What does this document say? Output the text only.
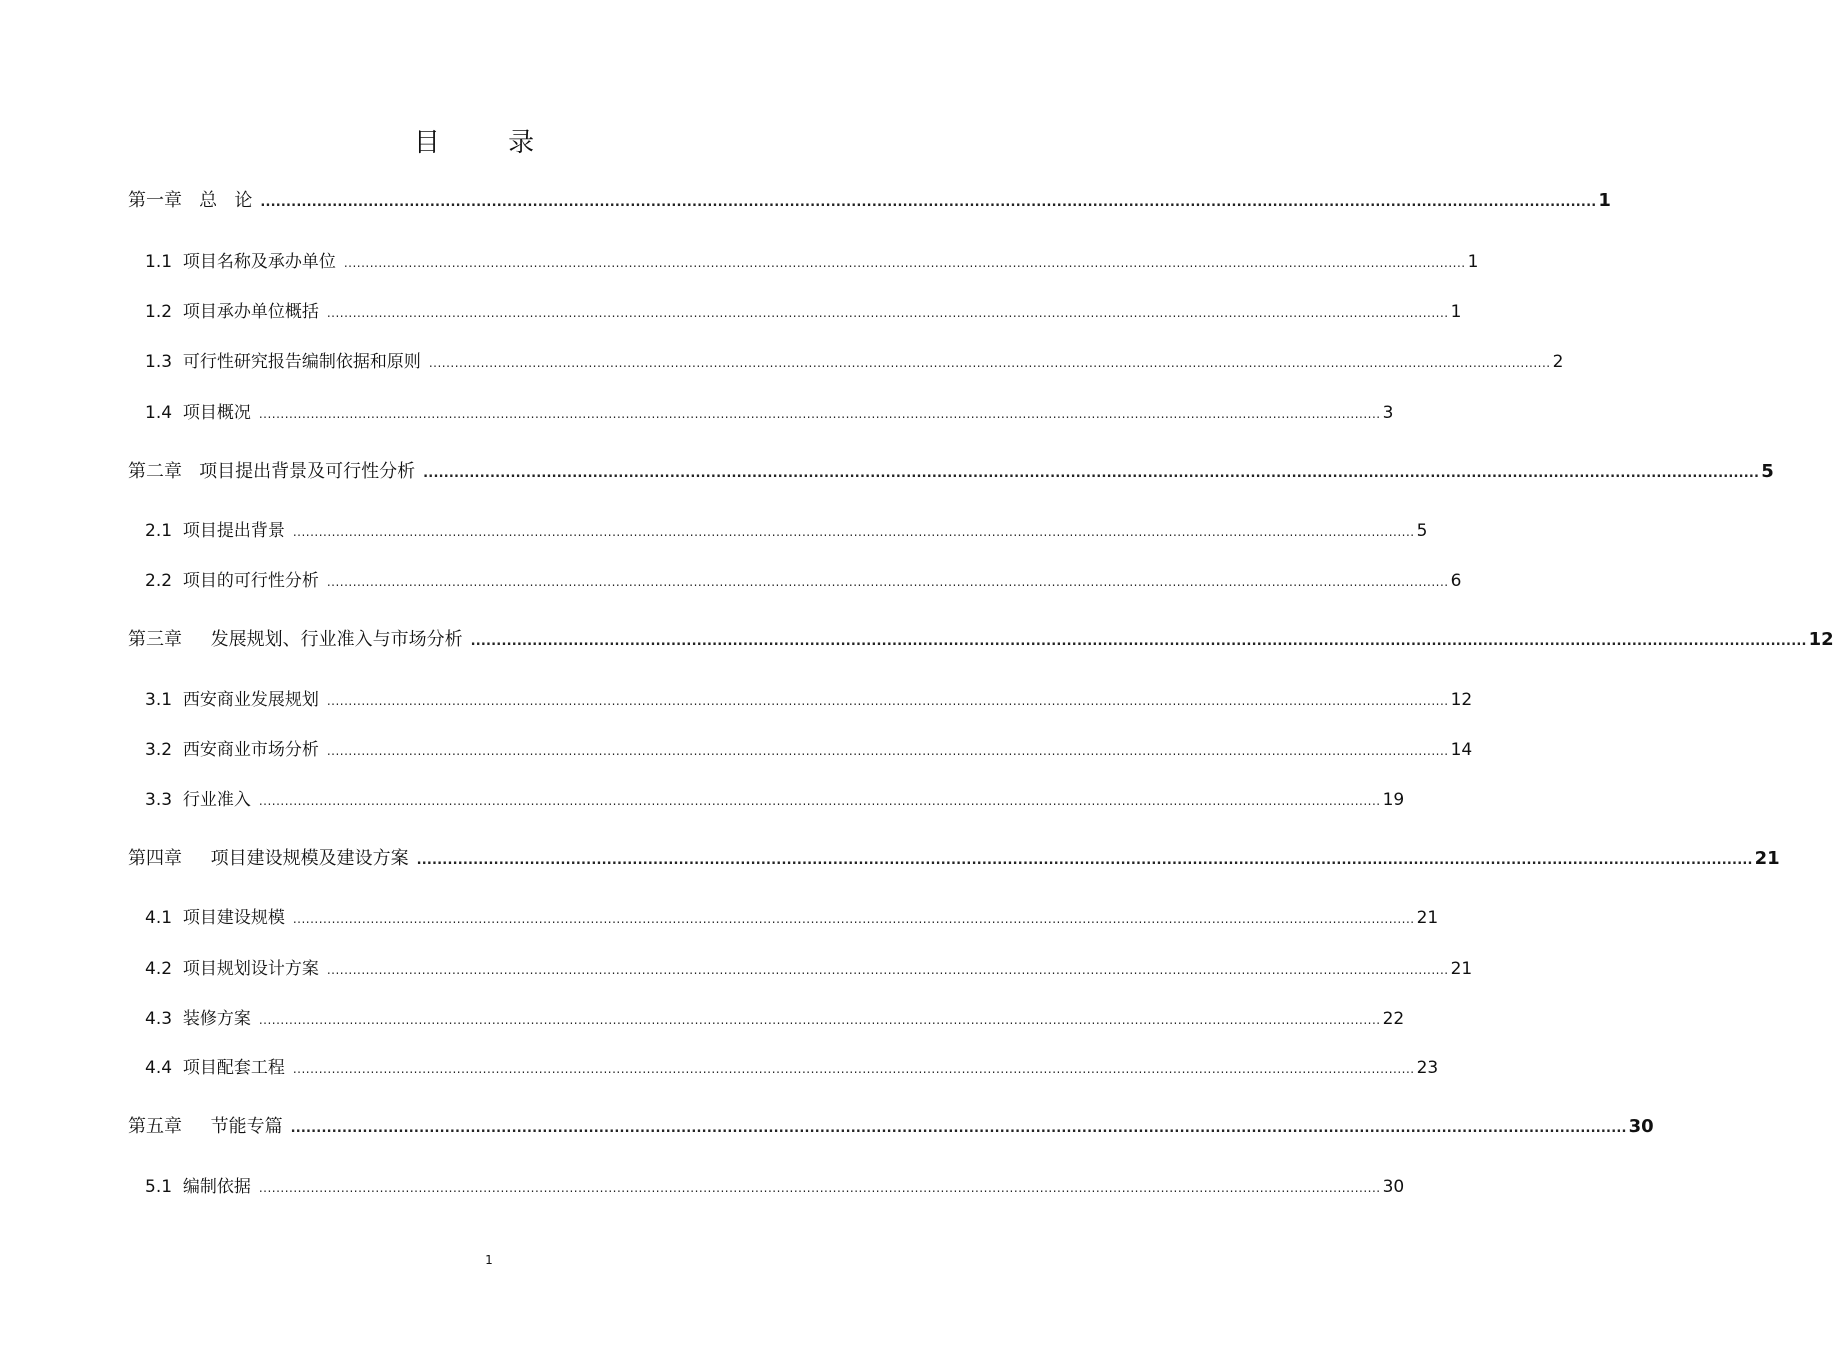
目 录
第一章   总   论 .................................................................................................................................................................................................................................................................... 1
1.1  项目名称及承办单位 .................................................................................................................................................................................................................................................................... 1
1.2  项目承办单位概括 .................................................................................................................................................................................................................................................................... 1
1.3  可行性研究报告编制依据和原则 .................................................................................................................................................................................................................................................................... 2
1.4  项目概况 .................................................................................................................................................................................................................................................................... 3
第二章   项目提出背景及可行性分析 .................................................................................................................................................................................................................................................................... 5
2.1  项目提出背景 .................................................................................................................................................................................................................................................................... 5
2.2  项目的可行性分析 .................................................................................................................................................................................................................................................................... 6
第三章     发展规划、行业准入与市场分析 .................................................................................................................................................................................................................................................................... 12
3.1  西安商业发展规划 .................................................................................................................................................................................................................................................................... 12
3.2  西安商业市场分析 .................................................................................................................................................................................................................................................................... 14
3.3  行业准入 .................................................................................................................................................................................................................................................................... 19
第四章     项目建设规模及建设方案 .................................................................................................................................................................................................................................................................... 21
4.1  项目建设规模 .................................................................................................................................................................................................................................................................... 21
4.2  项目规划设计方案 .................................................................................................................................................................................................................................................................... 21
4.3  装修方案 .................................................................................................................................................................................................................................................................... 22
4.4  项目配套工程 .................................................................................................................................................................................................................................................................... 23
第五章     节能专篇 .................................................................................................................................................................................................................................................................... 30
5.1  编制依据 .................................................................................................................................................................................................................................................................... 30
1
